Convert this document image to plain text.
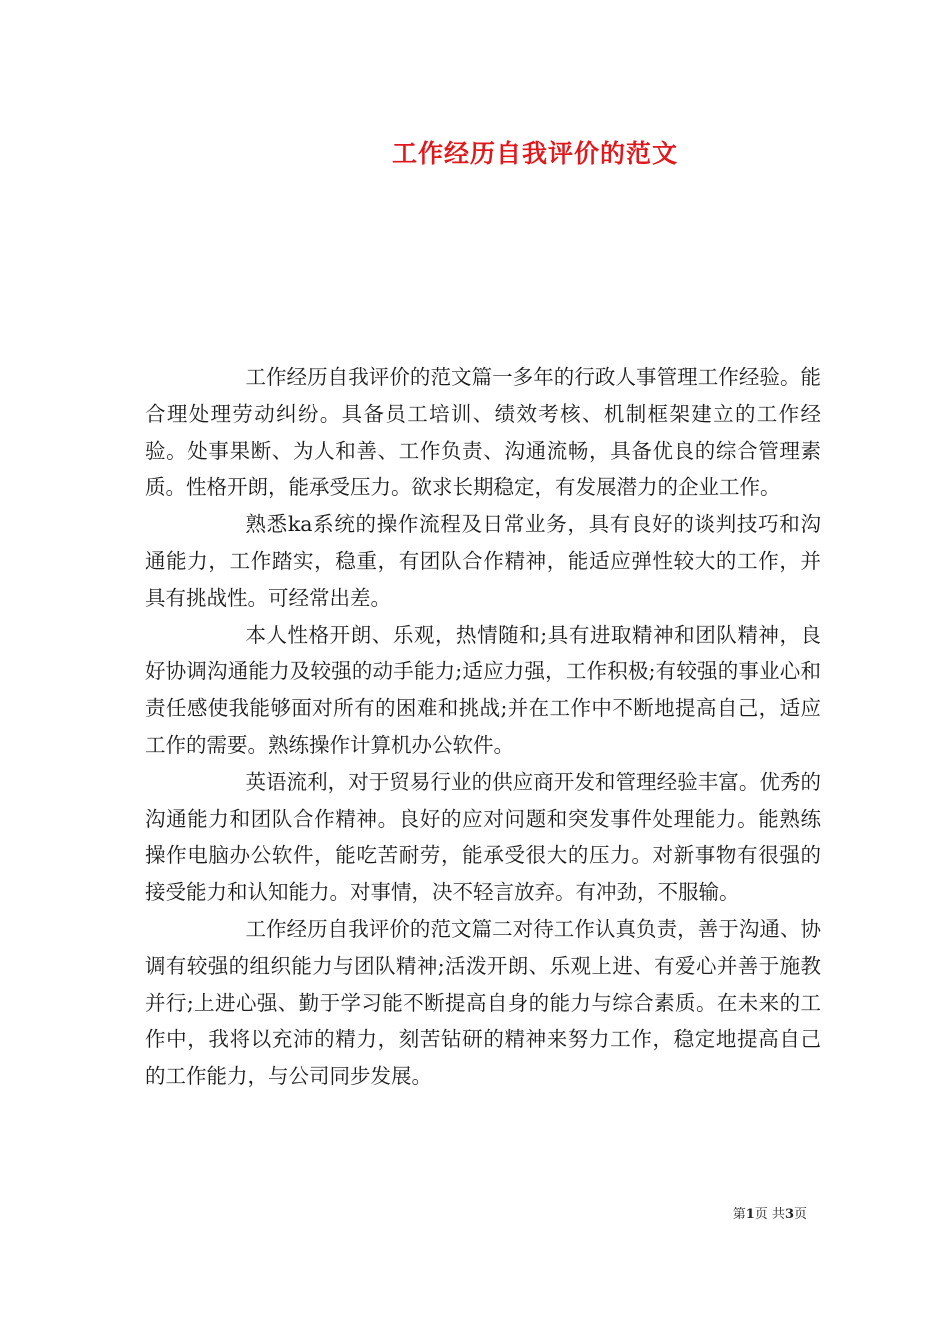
工作经历自我评价的范文

工作经历自我评价的范文篇一多年的行政人事管理工作经验。能合理处理劳动纠纷。具备员工培训、绩效考核、机制框架建立的工作经验。处事果断、为人和善、工作负责、沟通流畅，具备优良的综合管理素质。性格开朗，能承受压力。欲求长期稳定，有发展潜力的企业工作。

熟悉ka系统的操作流程及日常业务，具有良好的谈判技巧和沟通能力，工作踏实，稳重，有团队合作精神，能适应弹性较大的工作，并具有挑战性。可经常出差。

本人性格开朗、乐观，热情随和;具有进取精神和团队精神，良好协调沟通能力及较强的动手能力;适应力强，工作积极;有较强的事业心和责任感使我能够面对所有的困难和挑战;并在工作中不断地提高自己，适应工作的需要。熟练操作计算机办公软件。

英语流利，对于贸易行业的供应商开发和管理经验丰富。优秀的沟通能力和团队合作精神。良好的应对问题和突发事件处理能力。能熟练操作电脑办公软件，能吃苦耐劳，能承受很大的压力。对新事物有很强的接受能力和认知能力。对事情，决不轻言放弃。有冲劲，不服输。

工作经历自我评价的范文篇二对待工作认真负责，善于沟通、协调有较强的组织能力与团队精神;活泼开朗、乐观上进、有爱心并善于施教并行;上进心强、勤于学习能不断提高自身的能力与综合素质。在未来的工作中，我将以充沛的精力，刻苦钻研的精神来努力工作，稳定地提高自己的工作能力，与公司同步发展。

第1页 共3页
